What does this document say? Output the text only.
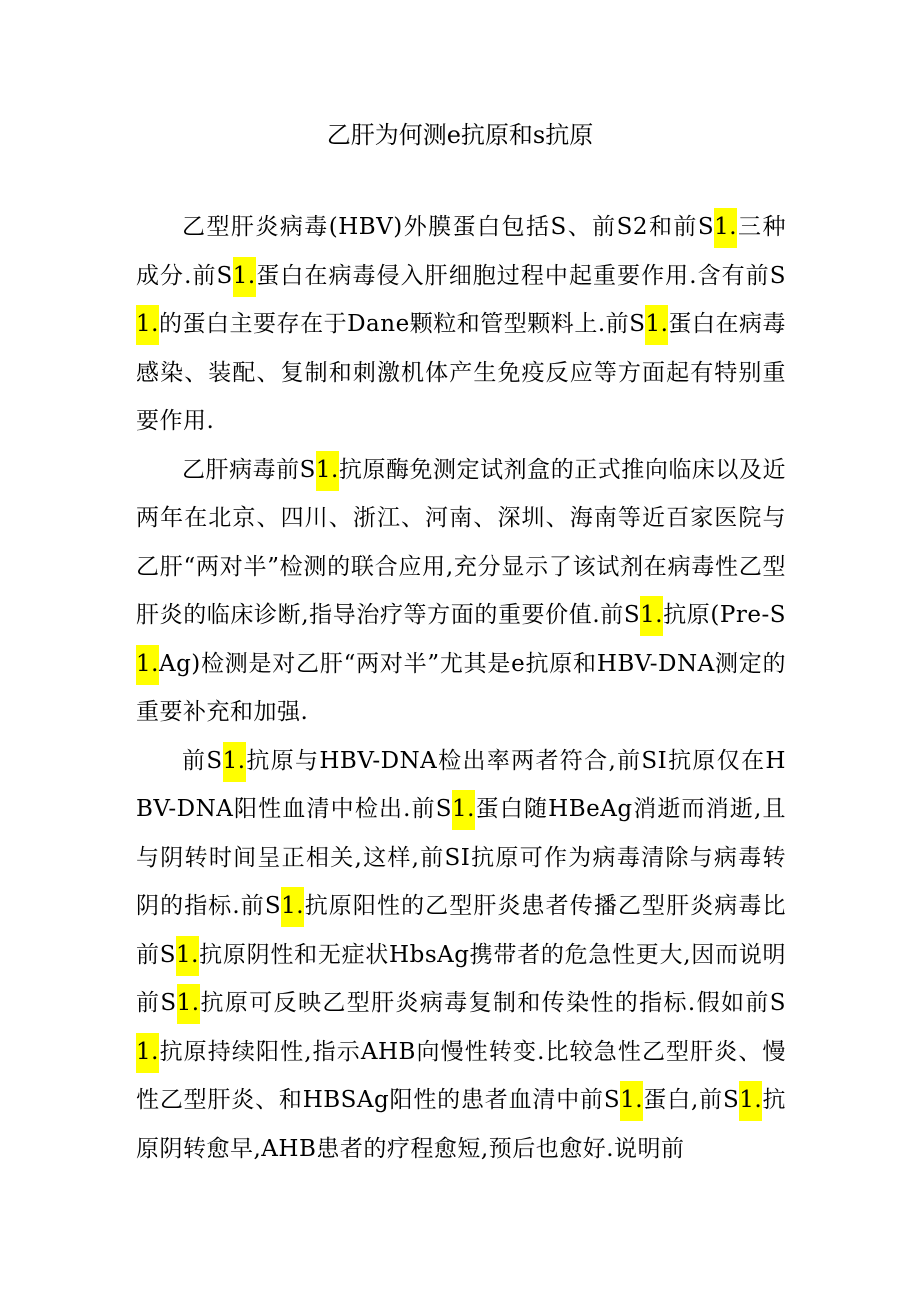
乙肝为何测e抗原和s抗原

乙型肝炎病毒(HBV)外膜蛋白包括S、前S2和前S1.三种成分.前S1.蛋白在病毒侵入肝细胞过程中起重要作用.含有前S1.的蛋白主要存在于Dane颗粒和管型颗料上.前S1.蛋白在病毒感染、装配、复制和刺激机体产生免疫反应等方面起有特别重要作用.

乙肝病毒前S1.抗原酶免测定试剂盒的正式推向临床以及近两年在北京、四川、浙江、河南、深圳、海南等近百家医院与乙肝“两对半”检测的联合应用,充分显示了该试剂在病毒性乙型肝炎的临床诊断,指导治疗等方面的重要价值.前S1.抗原(Pre-S1.Ag)检测是对乙肝“两对半”尤其是e抗原和HBV-DNA测定的重要补充和加强.

前S1.抗原与HBV-DNA检出率两者符合,前SI抗原仅在HBV-DNA阳性血清中检出.前S1.蛋白随HBeAg消逝而消逝,且与阴转时间呈正相关,这样,前SI抗原可作为病毒清除与病毒转阴的指标.前S1.抗原阳性的乙型肝炎患者传播乙型肝炎病毒比前S1.抗原阴性和无症状HbsAg携带者的危急性更大,因而说明前S1.抗原可反映乙型肝炎病毒复制和传染性的指标.假如前S1.抗原持续阳性,指示AHB向慢性转变.比较急性乙型肝炎、慢性乙型肝炎、和HBSAg阳性的患者血清中前S1.蛋白,前S1.抗原阴转愈早,AHB患者的疗程愈短,预后也愈好.说明前
